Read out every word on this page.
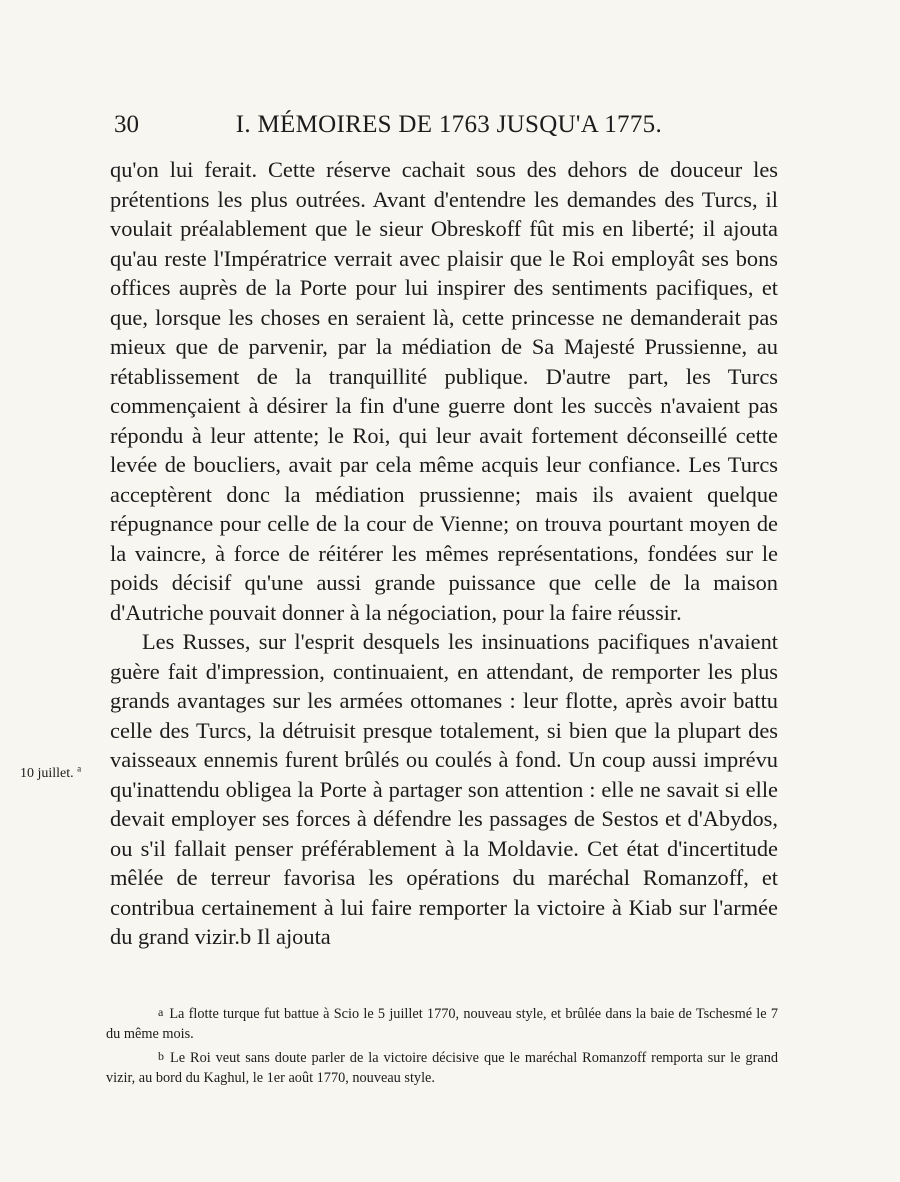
30	I. MÉMOIRES DE 1763 JUSQU'A 1775.

qu'on lui ferait. Cette réserve cachait sous des dehors de douceur les prétentions les plus outrées. Avant d'entendre les demandes des Turcs, il voulait préalablement que le sieur Obreskoff fût mis en liberté; il ajouta qu'au reste l'Impératrice verrait avec plaisir que le Roi employât ses bons offices auprès de la Porte pour lui inspirer des sentiments pacifiques, et que, lorsque les choses en seraient là, cette princesse ne demanderait pas mieux que de parvenir, par la médiation de Sa Majesté Prussienne, au rétablissement de la tranquillité publique. D'autre part, les Turcs commençaient à désirer la fin d'une guerre dont les succès n'avaient pas répondu à leur attente; le Roi, qui leur avait fortement déconseillé cette levée de boucliers, avait par cela même acquis leur confiance. Les Turcs acceptèrent donc la médiation prussienne; mais ils avaient quelque répugnance pour celle de la cour de Vienne; on trouva pourtant moyen de la vaincre, à force de réitérer les mêmes représentations, fondées sur le poids décisif qu'une aussi grande puissance que celle de la maison d'Autriche pouvait donner à la négociation, pour la faire réussir.

Les Russes, sur l'esprit desquels les insinuations pacifiques n'avaient guère fait d'impression, continuaient, en attendant, de remporter les plus grands avantages sur les armées ottomanes : leur flotte, après avoir battu celle des Turcs, la détruisit presque totalement, si bien que la plupart des vaisseaux ennemis furent brûlés ou coulés à fond. Un coup aussi imprévu qu'inattendu obligea la Porte à partager son attention : elle ne savait si elle devait employer ses forces à défendre les passages de Sestos et d'Abydos, ou s'il fallait penser préférablement à la Moldavie. Cet état d'incertitude mêlée de terreur favorisa les opérations du maréchal Romanzoff, et contribua certainement à lui faire remporter la victoire à Kiab sur l'armée du grand vizir.b Il ajouta

10 juillet. $^a$

a La flotte turque fut battue à Scio le 5 juillet 1770, nouveau style, et brûlée dans la baie de Tschesmé le 7 du même mois.

b Le Roi veut sans doute parler de la victoire décisive que le maréchal Romanzoff remporta sur le grand vizir, au bord du Kaghul, le 1er août 1770, nouveau style.
